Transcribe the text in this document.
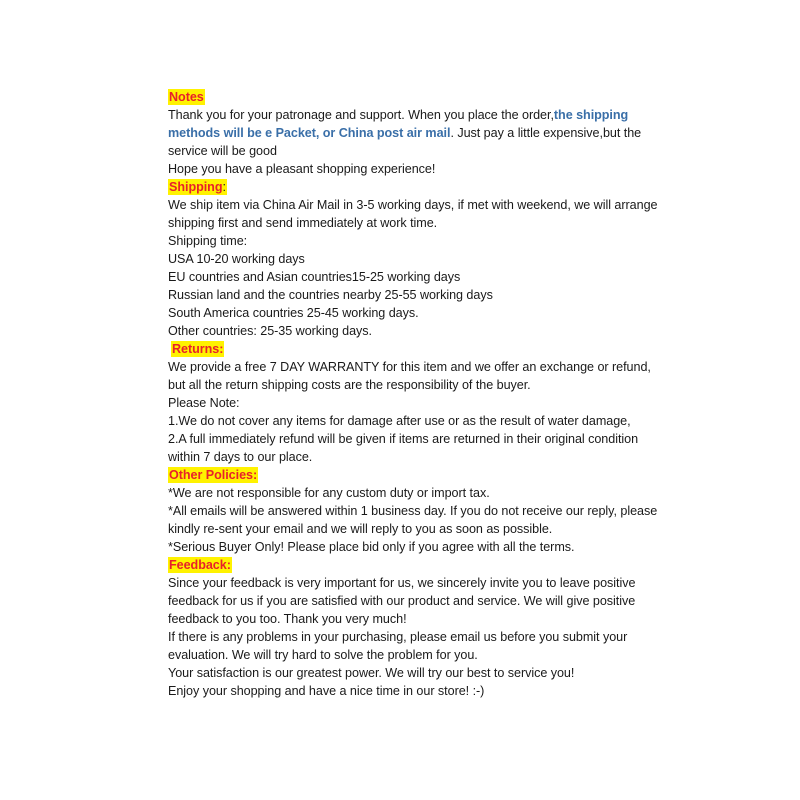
Notes
Thank you for your patronage and support. When you place the order,the shipping
methods will be e Packet, or China post air mail. Just pay a little expensive,but the
service will be good
Hope you have a pleasant shopping experience!
Shipping:
We ship item via China Air Mail in 3-5 working days, if met with weekend, we will arrange
shipping first and send immediately at work time.
Shipping time:
USA 10-20 working days
EU countries and Asian countries15-25 working days
Russian land and the countries nearby 25-55 working days
South America countries 25-45 working days.
Other countries: 25-35 working days.
Returns:
We provide a free 7 DAY WARRANTY for this item and we offer an exchange or refund,
but all the return shipping costs are the responsibility of the buyer.
Please Note:
1.We do not cover any items for damage after use or as the result of water damage,
2.A full immediately refund will be given if items are returned in their original condition
within 7 days to our place.
Other Policies:
*We are not responsible for any custom duty or import tax.
*All emails will be answered within 1 business day. If you do not receive our reply, please
kindly re-sent your email and we will reply to you as soon as possible.
*Serious Buyer Only! Please place bid only if you agree with all the terms.
Feedback:
Since your feedback is very important for us, we sincerely invite you to leave positive
feedback for us if you are satisfied with our product and service. We will give positive
feedback to you too. Thank you very much!
If there is any problems in your purchasing, please email us before you submit your
evaluation. We will try hard to solve the problem for you.
Your satisfaction is our greatest power. We will try our best to service you!
Enjoy your shopping and have a nice time in our store! :-)
